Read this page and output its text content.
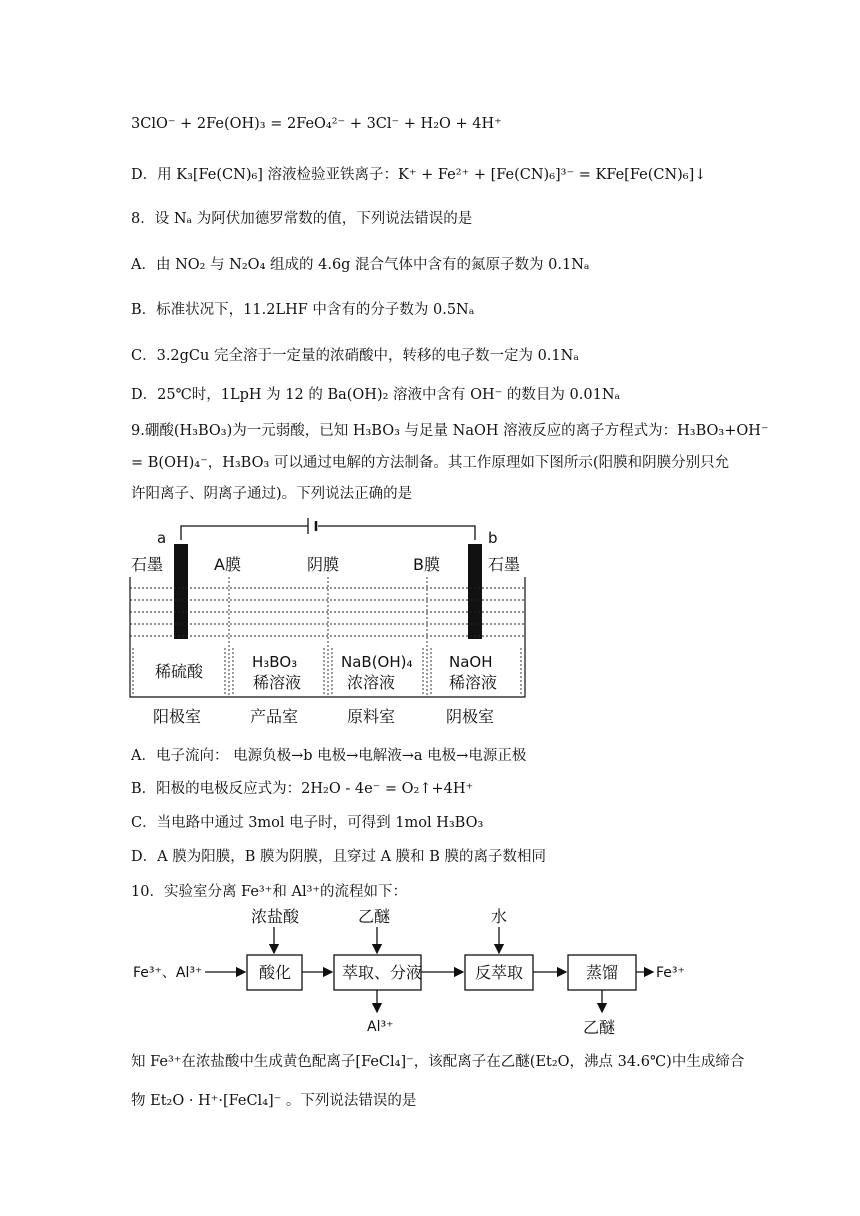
3ClO⁻ + 2Fe(OH)₃ = 2FeO₄²⁻ + 3Cl⁻ + H₂O + 4H⁺
D．用 K₃[Fe(CN)₆] 溶液检验亚铁离子：K⁺ + Fe²⁺ + [Fe(CN)₆]³⁻ = KFe[Fe(CN)₆]↓
8．设 Nₐ 为阿伏加德罗常数的值，下列说法错误的是
A．由 NO₂ 与 N₂O₄ 组成的 4.6g 混合气体中含有的氮原子数为 0.1Nₐ
B．标准状况下，11.2LHF 中含有的分子数为 0.5Nₐ
C．3.2gCu 完全溶于一定量的浓硝酸中，转移的电子数一定为 0.1Nₐ
D．25℃时，1LpH 为 12 的 Ba(OH)₂ 溶液中含有 OH⁻ 的数目为 0.01Nₐ
9.硼酸(H₃BO₃)为一元弱酸，已知 H₃BO₃ 与足量 NaOH 溶液反应的离子方程式为：H₃BO₃+OH⁻
= B(OH)₄⁻，H₃BO₃ 可以通过电解的方法制备。其工作原理如下图所示(阳膜和阴膜分别只允
许阳离子、阴离子通过)。下列说法正确的是
a	b
石墨	A膜	阴膜	B膜	石墨
稀硫酸	H₃BO₃
稀溶液
NaB(OH)₄
浓溶液
NaOH
稀溶液
阳极室	产品室	原料室	阴极室
A．电子流向： 电源负极→b 电极→电解液→a 电极→电源正极
B．阳极的电极反应式为：2H₂O - 4e⁻ = O₂↑+4H⁺
C．当电路中通过 3mol 电子时，可得到 1mol H₃BO₃
D．A 膜为阳膜，B 膜为阴膜，且穿过 A 膜和 B 膜的离子数相同
10．实验室分离 Fe³⁺和 Al³⁺的流程如下：
Fe³⁺、Al³⁺
浓盐酸	乙醚	水
酸化	萃取、分液	反萃取	蒸馏	Fe³⁺
Al³⁺	乙醚
知 Fe³⁺在浓盐酸中生成黄色配离子[FeCl₄]⁻，该配离子在乙醚(Et₂O，沸点 34.6℃)中生成缔合
物 Et₂O · H⁺·[FeCl₄]⁻ 。下列说法错误的是
